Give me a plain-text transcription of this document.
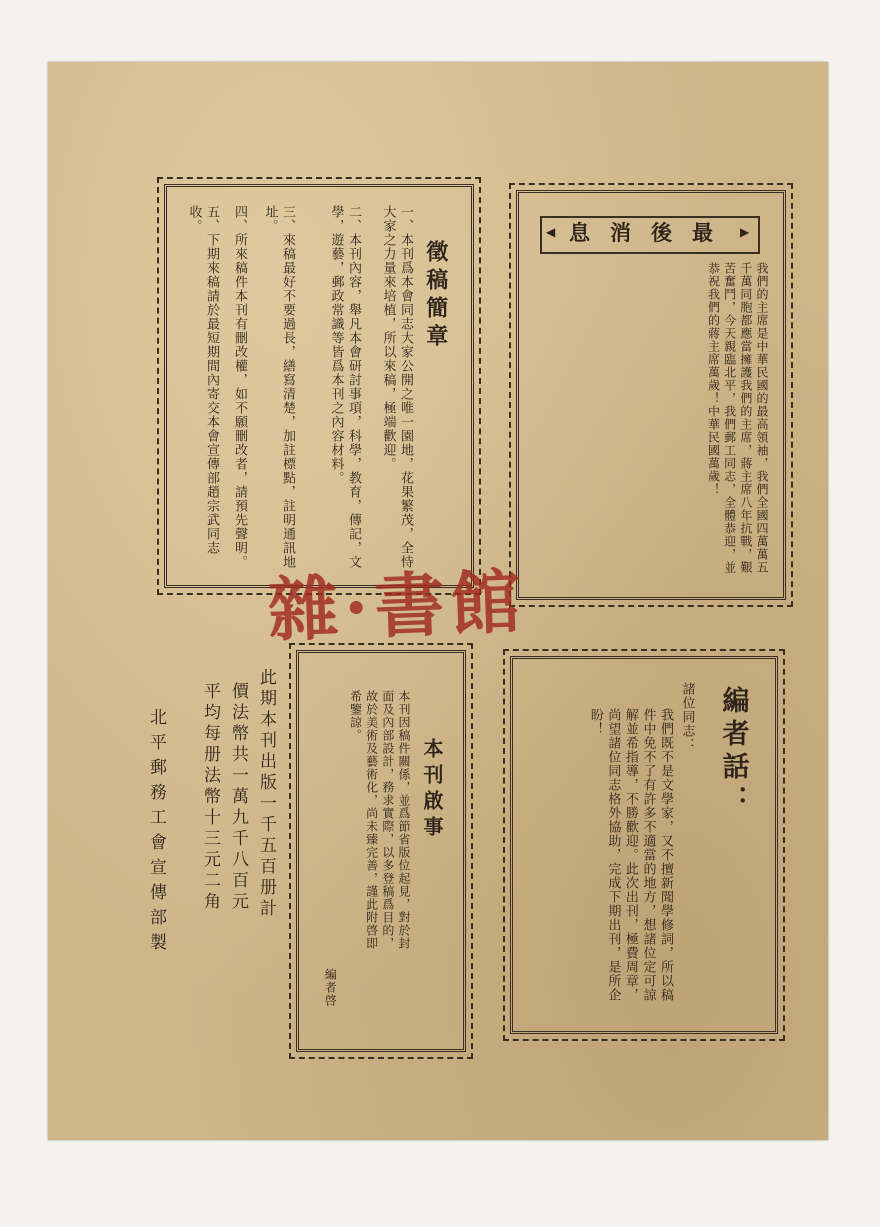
徵稿簡章
一、本刊爲本會同志大家公開之唯一園地，花果繁茂，全恃大家之力量來培植，所以來稿，極端歡迎。
二、本刊內容，舉凡本會研討事項，科學，教育，傳記，文學，遊藝，郵政常識等皆爲本刊之內容材料。
三、來稿最好不要過長，繕寫清楚，加註標點，註明通訊地址。
四、所來稿件本刊有刪改權，如不願刪改者，請預先聲明。
五、下期來稿請於最短期間內寄交本會宣傳部趙宗武同志收。	◀	▶
最後消息
我們的主席是中華民國的最高領袖，我們全國四萬萬五千萬同胞都應當擁護我們的主席，蔣主席八年抗戰，艱苦奮鬥，今天親臨北平，我們郵工同志，全體恭迎，並恭祝我們的蔣主席萬歲！中華民國萬歲！
本刊啟事
本刊因稿件關係，並爲節省版位起見，對於封面及內部設計，務求實際，以多登稿爲目的，故於美術及藝術化，尚未臻完善，謹此附啓即希鑒諒。
編者啓
編者話：
諸位同志：
我們既不是文學家，又不擅新聞學修詞，所以稿件中免不了有許多不適當的地方，想諸位定可諒解並希指導，不勝歡迎。此次出刊，極費周章，尚望諸位同志格外協助，完成下期出刊，是所企盼！
此期本刊出版一千五百册計
價法幣共一萬九千八百元
平均每册法幣十三元二角
北平郵務工會宣傳部製
雜·書館
